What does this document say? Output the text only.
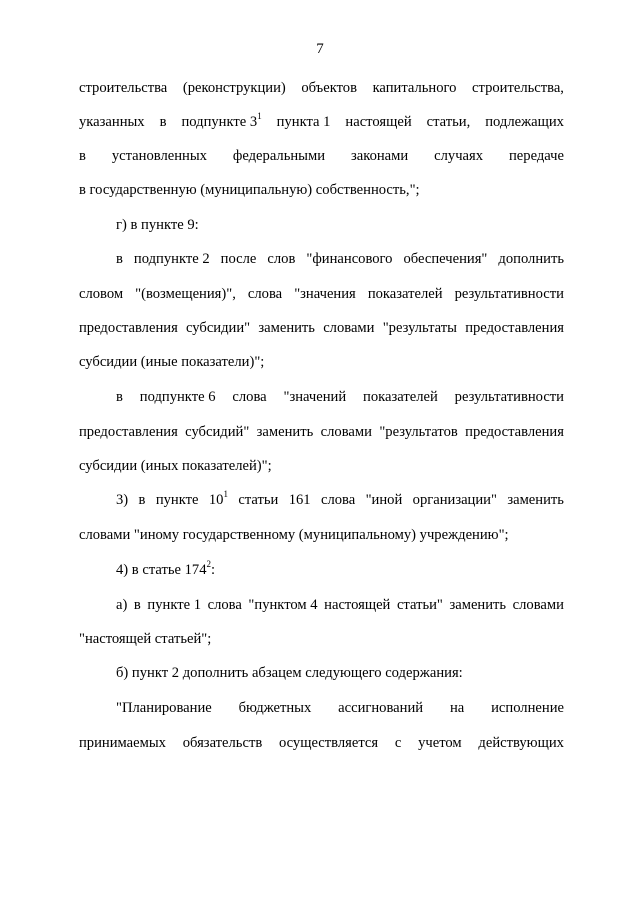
7
строительства (реконструкции) объектов капитального строительства,
указанных в подпункте $3^1$ пункта 1 настоящей статьи, подлежащих
в установленных федеральными законами случаях передаче
в государственную (муниципальную) собственность,";
г) в пункте 9:
в подпункте 2 после слов "финансового обеспечения" дополнить
словом "(возмещения)", слова "значения показателей результативности
предоставления субсидии" заменить словами "результаты предоставления
субсидии (иные показатели)";
в подпункте 6 слова "значений показателей результативности
предоставления субсидий" заменить словами "результатов предоставления
субсидии (иных показателей)";
3) в пункте $10^1$ статьи 161 слова "иной организации" заменить
словами "иному государственному (муниципальному) учреждению";
4) в статье $174^2$:
а) в пункте 1 слова "пунктом 4 настоящей статьи" заменить словами
"настоящей статьей";
б) пункт 2 дополнить абзацем следующего содержания:
"Планирование бюджетных ассигнований на исполнение
принимаемых обязательств осуществляется с учетом действующих
